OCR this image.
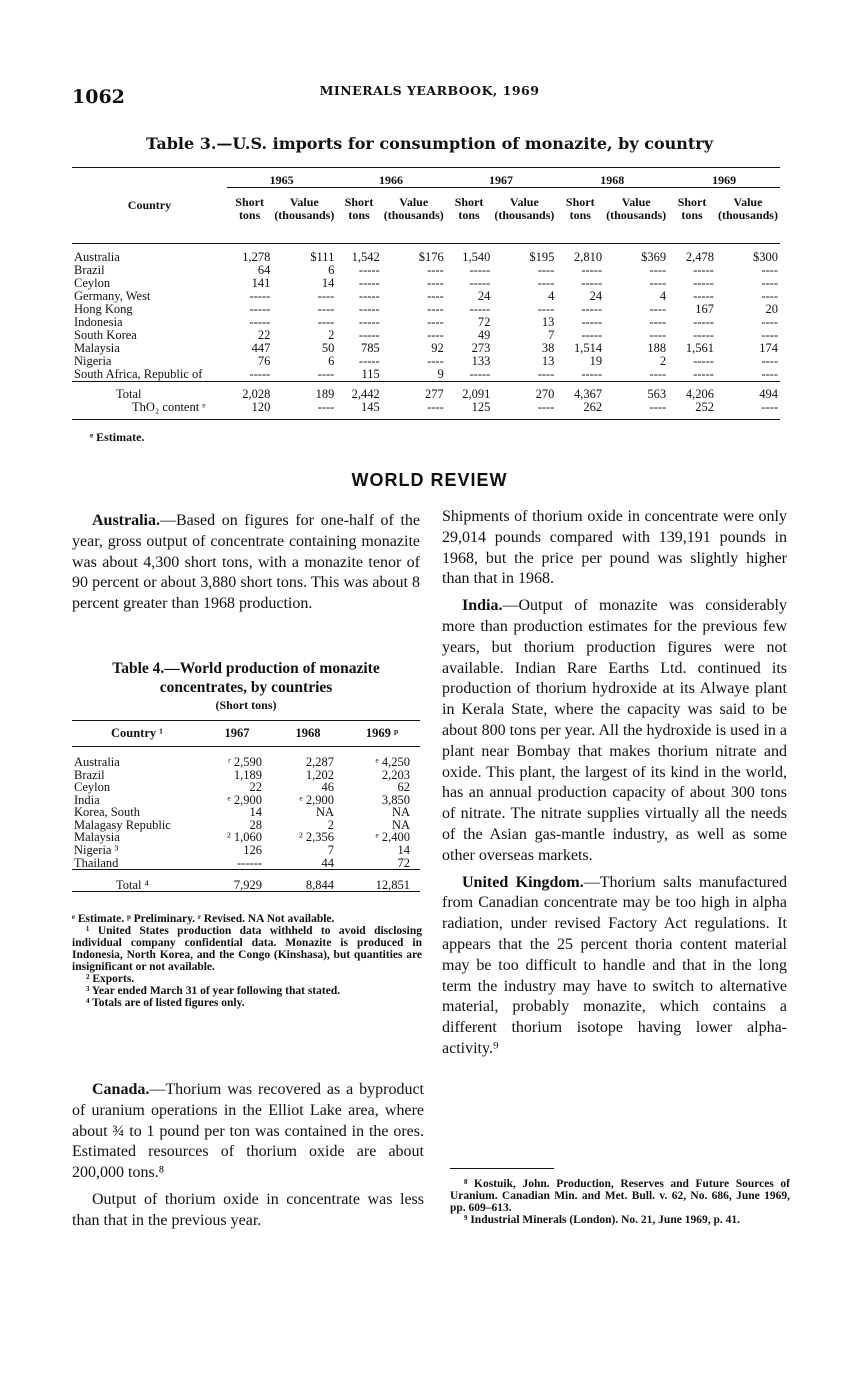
1062	MINERALS YEARBOOK, 1969
Table 3.—U.S. imports for consumption of monazite, by country
Country	1965		1966		1967		1968		1969	
	Short tons	Value (thousands)	Short tons	Value (thousands)	Short tons	Value (thousands)	Short tons	Value (thousands)	Short tons	Value (thousands)
Australia	1,278	$111	1,542	$176	1,540	$195	2,810	$369	2,478	$300
Brazil	64	6	-----	----	-----	----	-----	----	-----	----
Ceylon	141	14	-----	----	-----	----	-----	----	-----	----
Germany, West	-----	----	-----	----	24	4	24	4	-----	----
Hong Kong	-----	----	-----	----	-----	----	-----	----	167	20
Indonesia	-----	----	-----	----	72	13	-----	----	-----	----
South Korea	22	2	-----	----	49	7	-----	----	-----	----
Malaysia	447	50	785	92	273	38	1,514	188	1,561	174
Nigeria	76	6	-----	----	133	13	19	2	-----	----
South Africa, Republic of	-----	----	115	9	-----	----	-----	----	-----	----
Total	2,028	189	2,442	277	2,091	270	4,367	563	4,206	494
ThO₂ content ᵉ	120	----	145	----	125	----	262	----	252	----
ᵉ Estimate.
WORLD REVIEW

Australia.—Based on figures for one-half of the year, gross output of concentrate containing monazite was about 4,300 short tons, with a monazite tenor of 90 percent or about 3,880 short tons. This was about 8 percent greater than 1968 production.

Table 4.—World production of monazite concentrates, by countries
(Short tons)
Country ¹	1967	1968	1969 ᵖ
Australia	ʳ 2,590	2,287	ᵉ 4,250
Brazil	1,189	1,202	2,203
Ceylon	22	46	62
India	ᵉ 2,900	ᵉ 2,900	3,850
Korea, South	14	NA	NA
Malagasy Republic	28	2	NA
Malaysia	² 1,060	² 2,356	ᵉ 2,400
Nigeria ³	126	7	14
Thailand	------	44	72
Total ⁴	7,929	8,844	12,851
ᵉ Estimate. ᵖ Preliminary. ʳ Revised. NA Not available.
¹ United States production data withheld to avoid disclosing individual company confidential data. Monazite is produced in Indonesia, North Korea, and the Congo (Kinshasa), but quantities are insignificant or not available.
² Exports.
³ Year ended March 31 of year following that stated.
⁴ Totals are of listed figures only.

Canada.—Thorium was recovered as a byproduct of uranium operations in the Elliot Lake area, where about ¾ to 1 pound per ton was contained in the ores. Estimated resources of thorium oxide are about 200,000 tons.⁸

Output of thorium oxide in concentrate was less than that in the previous year.

Shipments of thorium oxide in concentrate were only 29,014 pounds compared with 139,191 pounds in 1968, but the price per pound was slightly higher than that in 1968.

India.—Output of monazite was considerably more than production estimates for the previous few years, but thorium production figures were not available. Indian Rare Earths Ltd. continued its production of thorium hydroxide at its Alwaye plant in Kerala State, where the capacity was said to be about 800 tons per year. All the hydroxide is used in a plant near Bombay that makes thorium nitrate and oxide. This plant, the largest of its kind in the world, has an annual production capacity of about 300 tons of nitrate. The nitrate supplies virtually all the needs of the Asian gas-mantle industry, as well as some other overseas markets.

United Kingdom.—Thorium salts manufactured from Canadian concentrate may be too high in alpha radiation, under revised Factory Act regulations. It appears that the 25 percent thoria content material may be too difficult to handle and that in the long term the industry may have to switch to alternative material, probably monazite, which contains a different thorium isotope having lower alpha-activity.⁹

⁸ Kostuik, John. Production, Reserves and Future Sources of Uranium. Canadian Min. and Met. Bull. v. 62, No. 686, June 1969, pp. 609–613.
⁹ Industrial Minerals (London). No. 21, June 1969, p. 41.
